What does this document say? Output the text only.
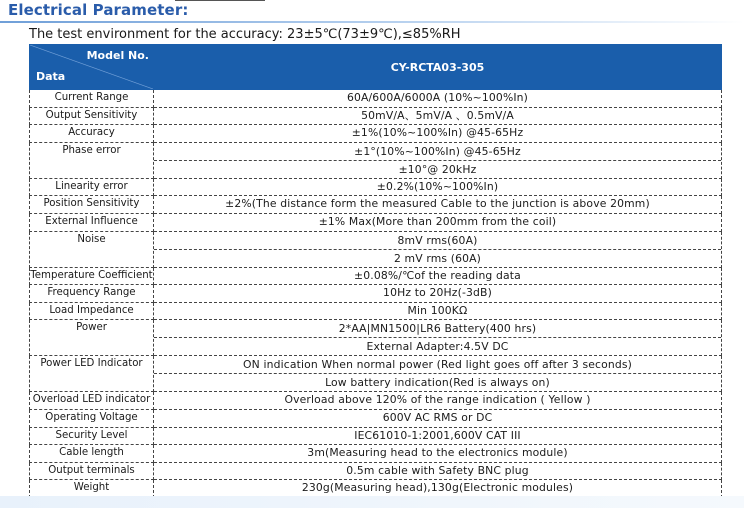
Electrical Parameter:
The test environment for the accuracy: 23±5℃(73±9℃),≤85%RH
Model No.
Data	CY-RCTA03-305
Current Range	60A/600A/6000A (10%~100%In)
Output Sensitivity	50mV/A、5mV/A 、0.5mV/A
Accuracy	±1%(10%~100%In) @45-65Hz
Phase error	±1°(10%~100%In) @45-65Hz
±10°@ 20kHz

Linearity error	±0.2%(10%~100%In)
Position Sensitivity	±2%(The distance form the measured Cable to the junction is above 20mm)
External Influence	±1% Max(More than 200mm from the coil)
Noise	8mV rms(60A)
2 mV rms (60A)

Temperature Coefficient	±0.08%/℃of the reading data
Frequency Range	10Hz to 20Hz(-3dB)
Load Impedance	Min 100KΩ
Power	2*AA|MN1500|LR6 Battery(400 hrs)
External Adapter:4.5V DC

Power LED Indicator	ON indication When normal power (Red light goes off after 3 seconds)
Low battery indication(Red is always on)

Overload LED indicator	Overload above 120% of the range indication ( Yellow )
Operating Voltage	600V AC RMS or DC
Security Level	IEC61010-1:2001,600V CAT III
Cable length	3m(Measuring head to the electronics module)
Output terminals	0.5m cable with Safety BNC plug
Weight	230g(Measuring head),130g(Electronic modules)
